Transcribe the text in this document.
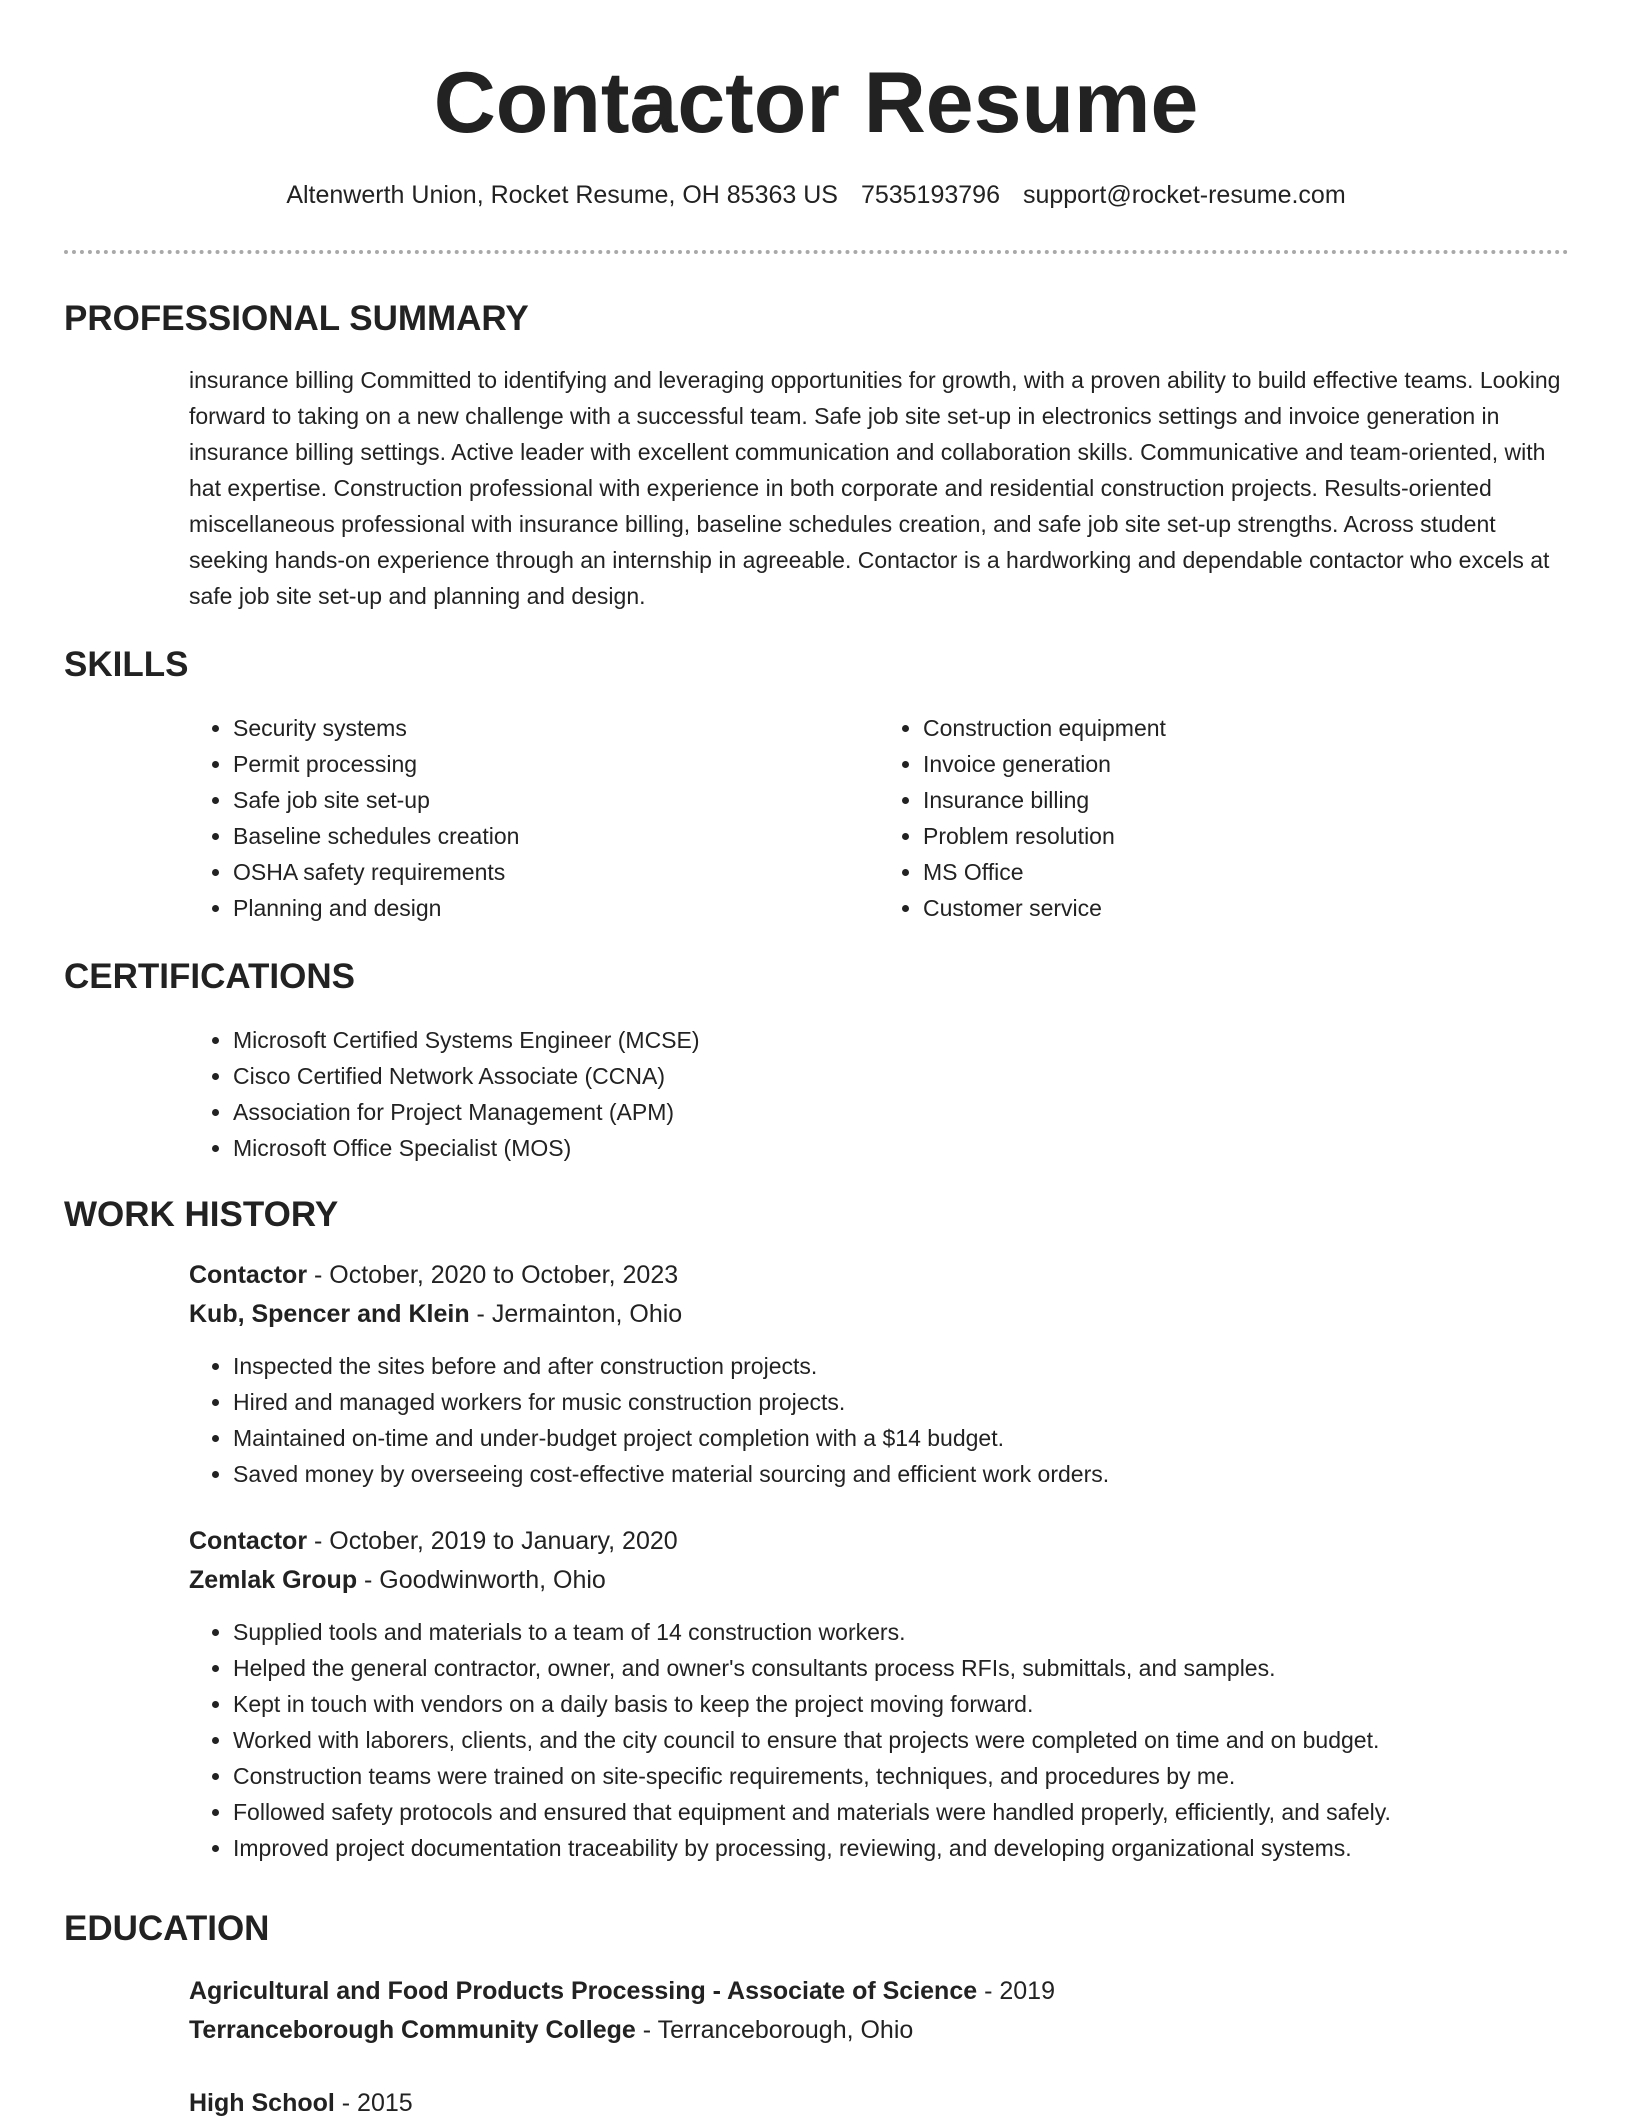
Contactor Resume
Altenwerth Union, Rocket Resume, OH 85363 US 7535193796 support@rocket-resume.com
PROFESSIONAL SUMMARY

insurance billing Committed to identifying and leveraging opportunities for growth, with a proven ability to build effective teams. Looking forward to taking on a new challenge with a successful team. Safe job site set-up in electronics settings and invoice generation in insurance billing settings. Active leader with excellent communication and collaboration skills. Communicative and team-oriented, with hat expertise. Construction professional with experience in both corporate and residential construction projects. Results-oriented miscellaneous professional with insurance billing, baseline schedules creation, and safe job site set-up strengths. Across student seeking hands-on experience through an internship in agreeable. Contactor is a hardworking and dependable contactor who excels at safe job site set-up and planning and design.

SKILLS
• Security systems
• Permit processing
• Safe job site set-up
• Baseline schedules creation
• OSHA safety requirements
• Planning and design
• Construction equipment
• Invoice generation
• Insurance billing
• Problem resolution
• MS Office
• Customer service
CERTIFICATIONS
• Microsoft Certified Systems Engineer (MCSE)
• Cisco Certified Network Associate (CCNA)
• Association for Project Management (APM)
• Microsoft Office Specialist (MOS)
WORK HISTORY
Contactor - October, 2020 to October, 2023
Kub, Spencer and Klein - Jermainton, Ohio
• Inspected the sites before and after construction projects.
• Hired and managed workers for music construction projects.
• Maintained on-time and under-budget project completion with a $14 budget.
• Saved money by overseeing cost-effective material sourcing and efficient work orders.
Contactor - October, 2019 to January, 2020
Zemlak Group - Goodwinworth, Ohio
• Supplied tools and materials to a team of 14 construction workers.
• Helped the general contractor, owner, and owner's consultants process RFIs, submittals, and samples.
• Kept in touch with vendors on a daily basis to keep the project moving forward.
• Worked with laborers, clients, and the city council to ensure that projects were completed on time and on budget.
• Construction teams were trained on site-specific requirements, techniques, and procedures by me.
• Followed safety protocols and ensured that equipment and materials were handled properly, efficiently, and safely.
• Improved project documentation traceability by processing, reviewing, and developing organizational systems.
EDUCATION
Agricultural and Food Products Processing - Associate of Science - 2019
Terranceborough Community College - Terranceborough, Ohio
High School - 2015
